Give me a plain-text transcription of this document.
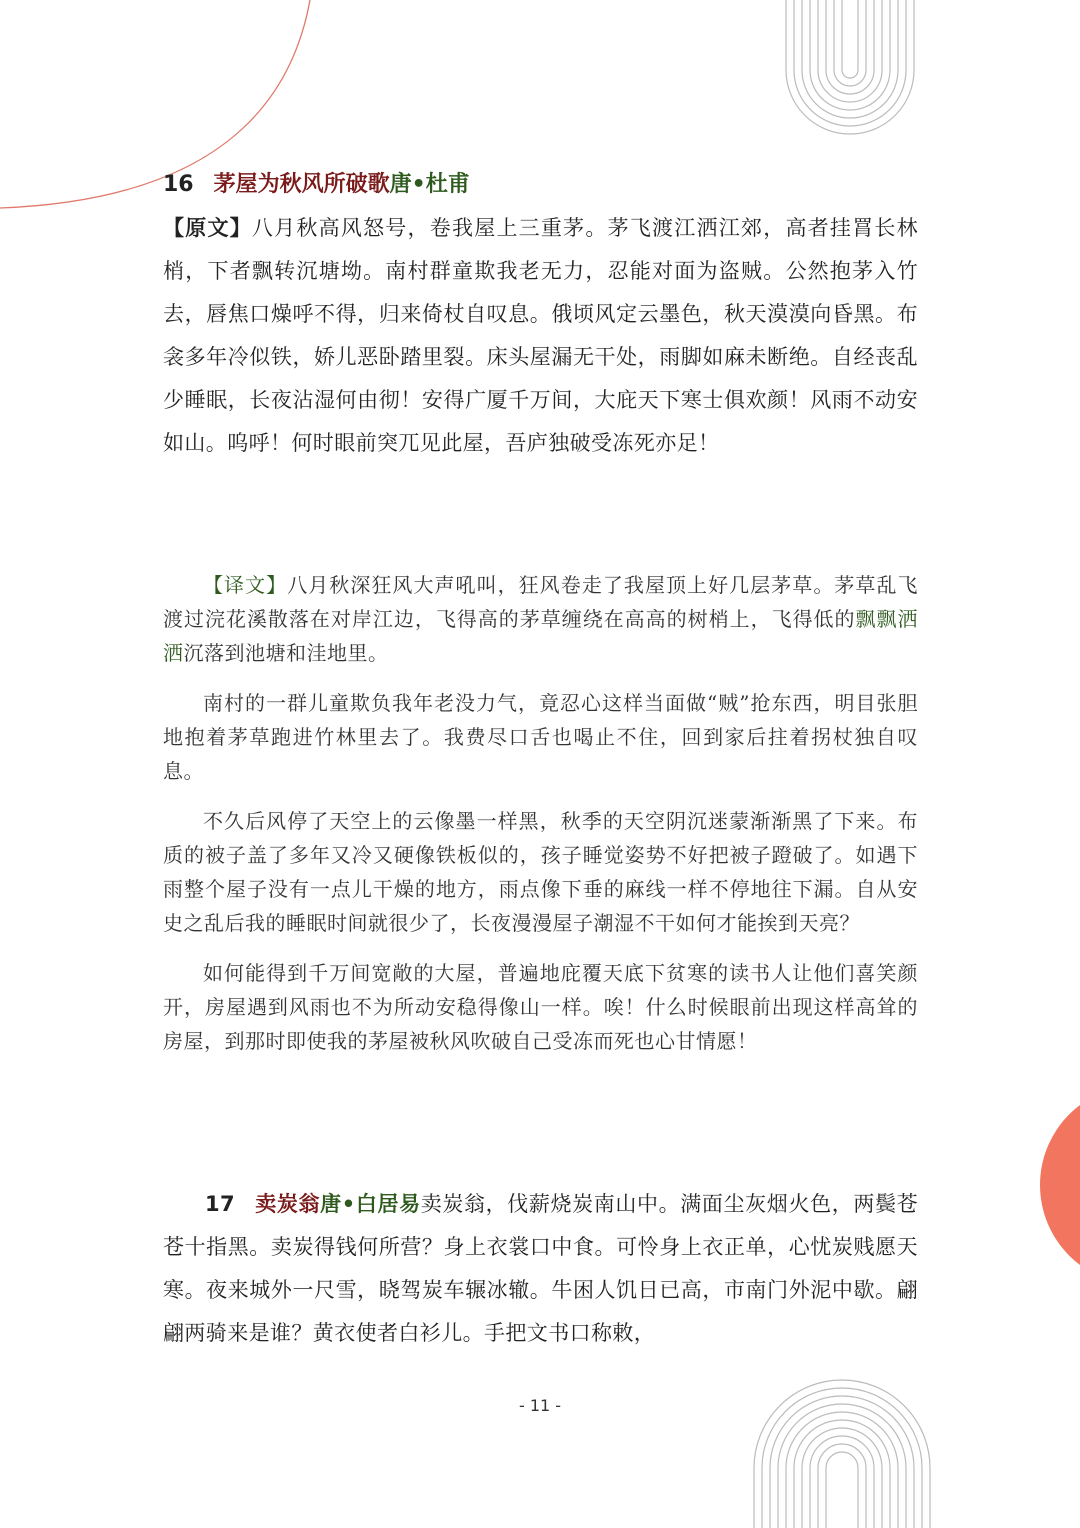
16 茅屋为秋风所破歌唐•杜甫
【原文】八月秋高风怒号，卷我屋上三重茅。茅飞渡江洒江郊，高者挂罥长林梢，下者飘转沉塘坳。南村群童欺我老无力，忍能对面为盗贼。公然抱茅入竹去，唇焦口燥呼不得，归来倚杖自叹息。俄顷风定云墨色，秋天漠漠向昏黑。布衾多年冷似铁，娇儿恶卧踏里裂。床头屋漏无干处，雨脚如麻未断绝。自经丧乱少睡眠，长夜沾湿何由彻！安得广厦千万间，大庇天下寒士俱欢颜！风雨不动安如山。呜呼！何时眼前突兀见此屋，吾庐独破受冻死亦足！

【译文】八月秋深狂风大声吼叫，狂风卷走了我屋顶上好几层茅草。茅草乱飞渡过浣花溪散落在对岸江边，飞得高的茅草缠绕在高高的树梢上，飞得低的飘飘洒洒沉落到池塘和洼地里。

南村的一群儿童欺负我年老没力气，竟忍心这样当面做“贼”抢东西，明目张胆地抱着茅草跑进竹林里去了。我费尽口舌也喝止不住，回到家后拄着拐杖独自叹息。

不久后风停了天空上的云像墨一样黑，秋季的天空阴沉迷蒙渐渐黑了下来。布质的被子盖了多年又冷又硬像铁板似的，孩子睡觉姿势不好把被子蹬破了。如遇下雨整个屋子没有一点儿干燥的地方，雨点像下垂的麻线一样不停地往下漏。自从安史之乱后我的睡眠时间就很少了，长夜漫漫屋子潮湿不干如何才能挨到天亮？

如何能得到千万间宽敞的大屋，普遍地庇覆天底下贫寒的读书人让他们喜笑颜开，房屋遇到风雨也不为所动安稳得像山一样。唉！什么时候眼前出现这样高耸的房屋，到那时即使我的茅屋被秋风吹破自己受冻而死也心甘情愿！

17 卖炭翁唐•白居易卖炭翁，伐薪烧炭南山中。满面尘灰烟火色，两鬓苍苍十指黑。卖炭得钱何所营？身上衣裳口中食。可怜身上衣正单，心忧炭贱愿天寒。夜来城外一尺雪，晓驾炭车辗冰辙。牛困人饥日已高，市南门外泥中歇。翩翩两骑来是谁？黄衣使者白衫儿。手把文书口称敕，
- 11 -
